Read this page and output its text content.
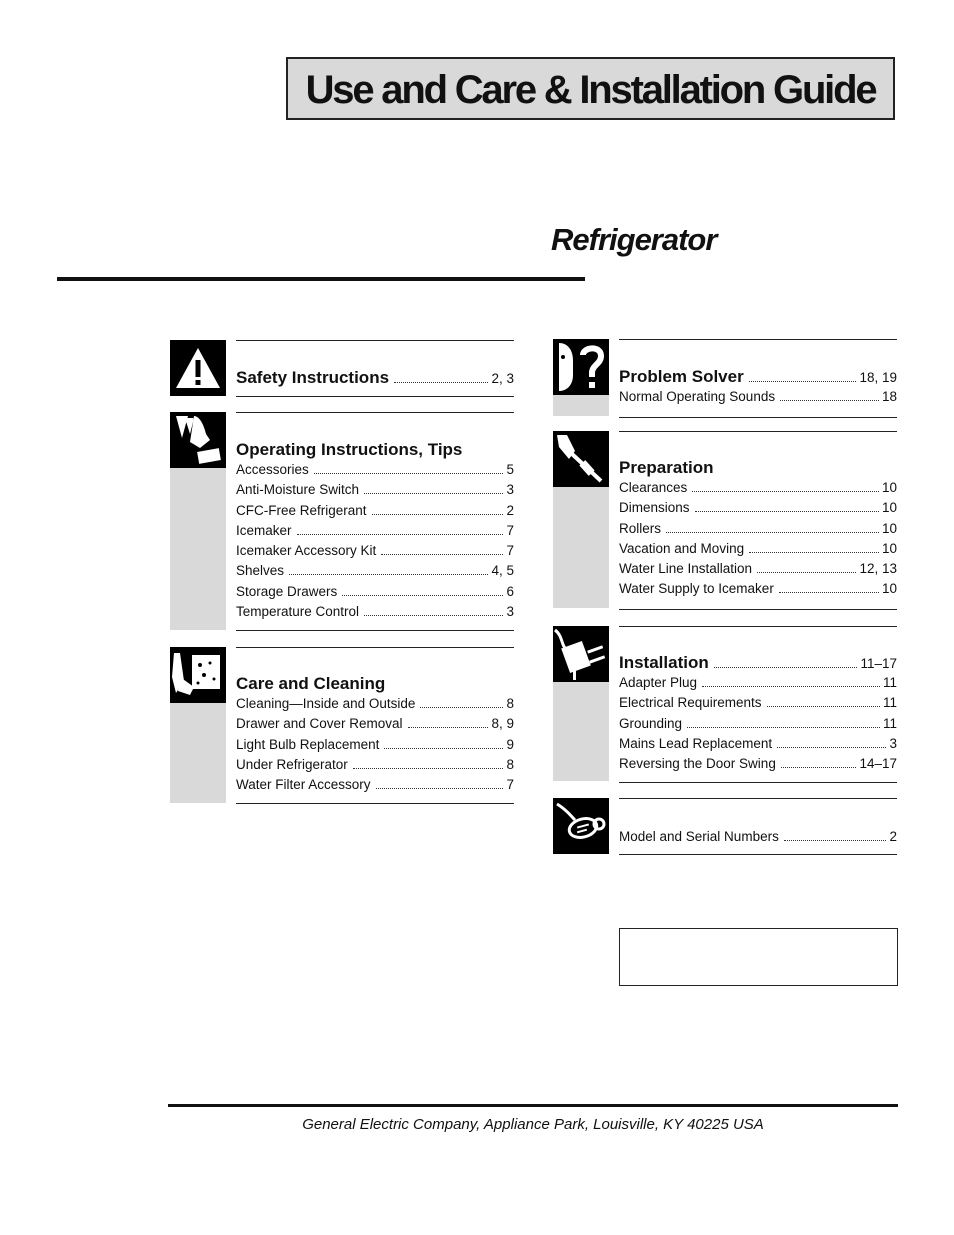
Use and Care & Installation Guide
Refrigerator
Safety Instructions	2, 3
Operating Instructions, Tips
Accessories	5
Anti-Moisture Switch	3
CFC-Free Refrigerant	2
Icemaker	7
Icemaker Accessory Kit	7
Shelves	4, 5
Storage Drawers	6
Temperature Control	3
Care and Cleaning
Cleaning—Inside and Outside	8
Drawer and Cover Removal	8, 9
Light Bulb Replacement	9
Under Refrigerator	8
Water Filter Accessory	7
Problem Solver	18, 19
Normal Operating Sounds	18
Preparation
Clearances	10
Dimensions	10
Rollers	10
Vacation and Moving	10
Water Line Installation	12, 13
Water Supply to Icemaker	10
Installation	11–17
Adapter Plug	11
Electrical Requirements	11
Grounding	11
Mains Lead Replacement	3
Reversing the Door Swing	14–17
Model and Serial Numbers	2
General Electric Company, Appliance Park, Louisville, KY 40225 USA
